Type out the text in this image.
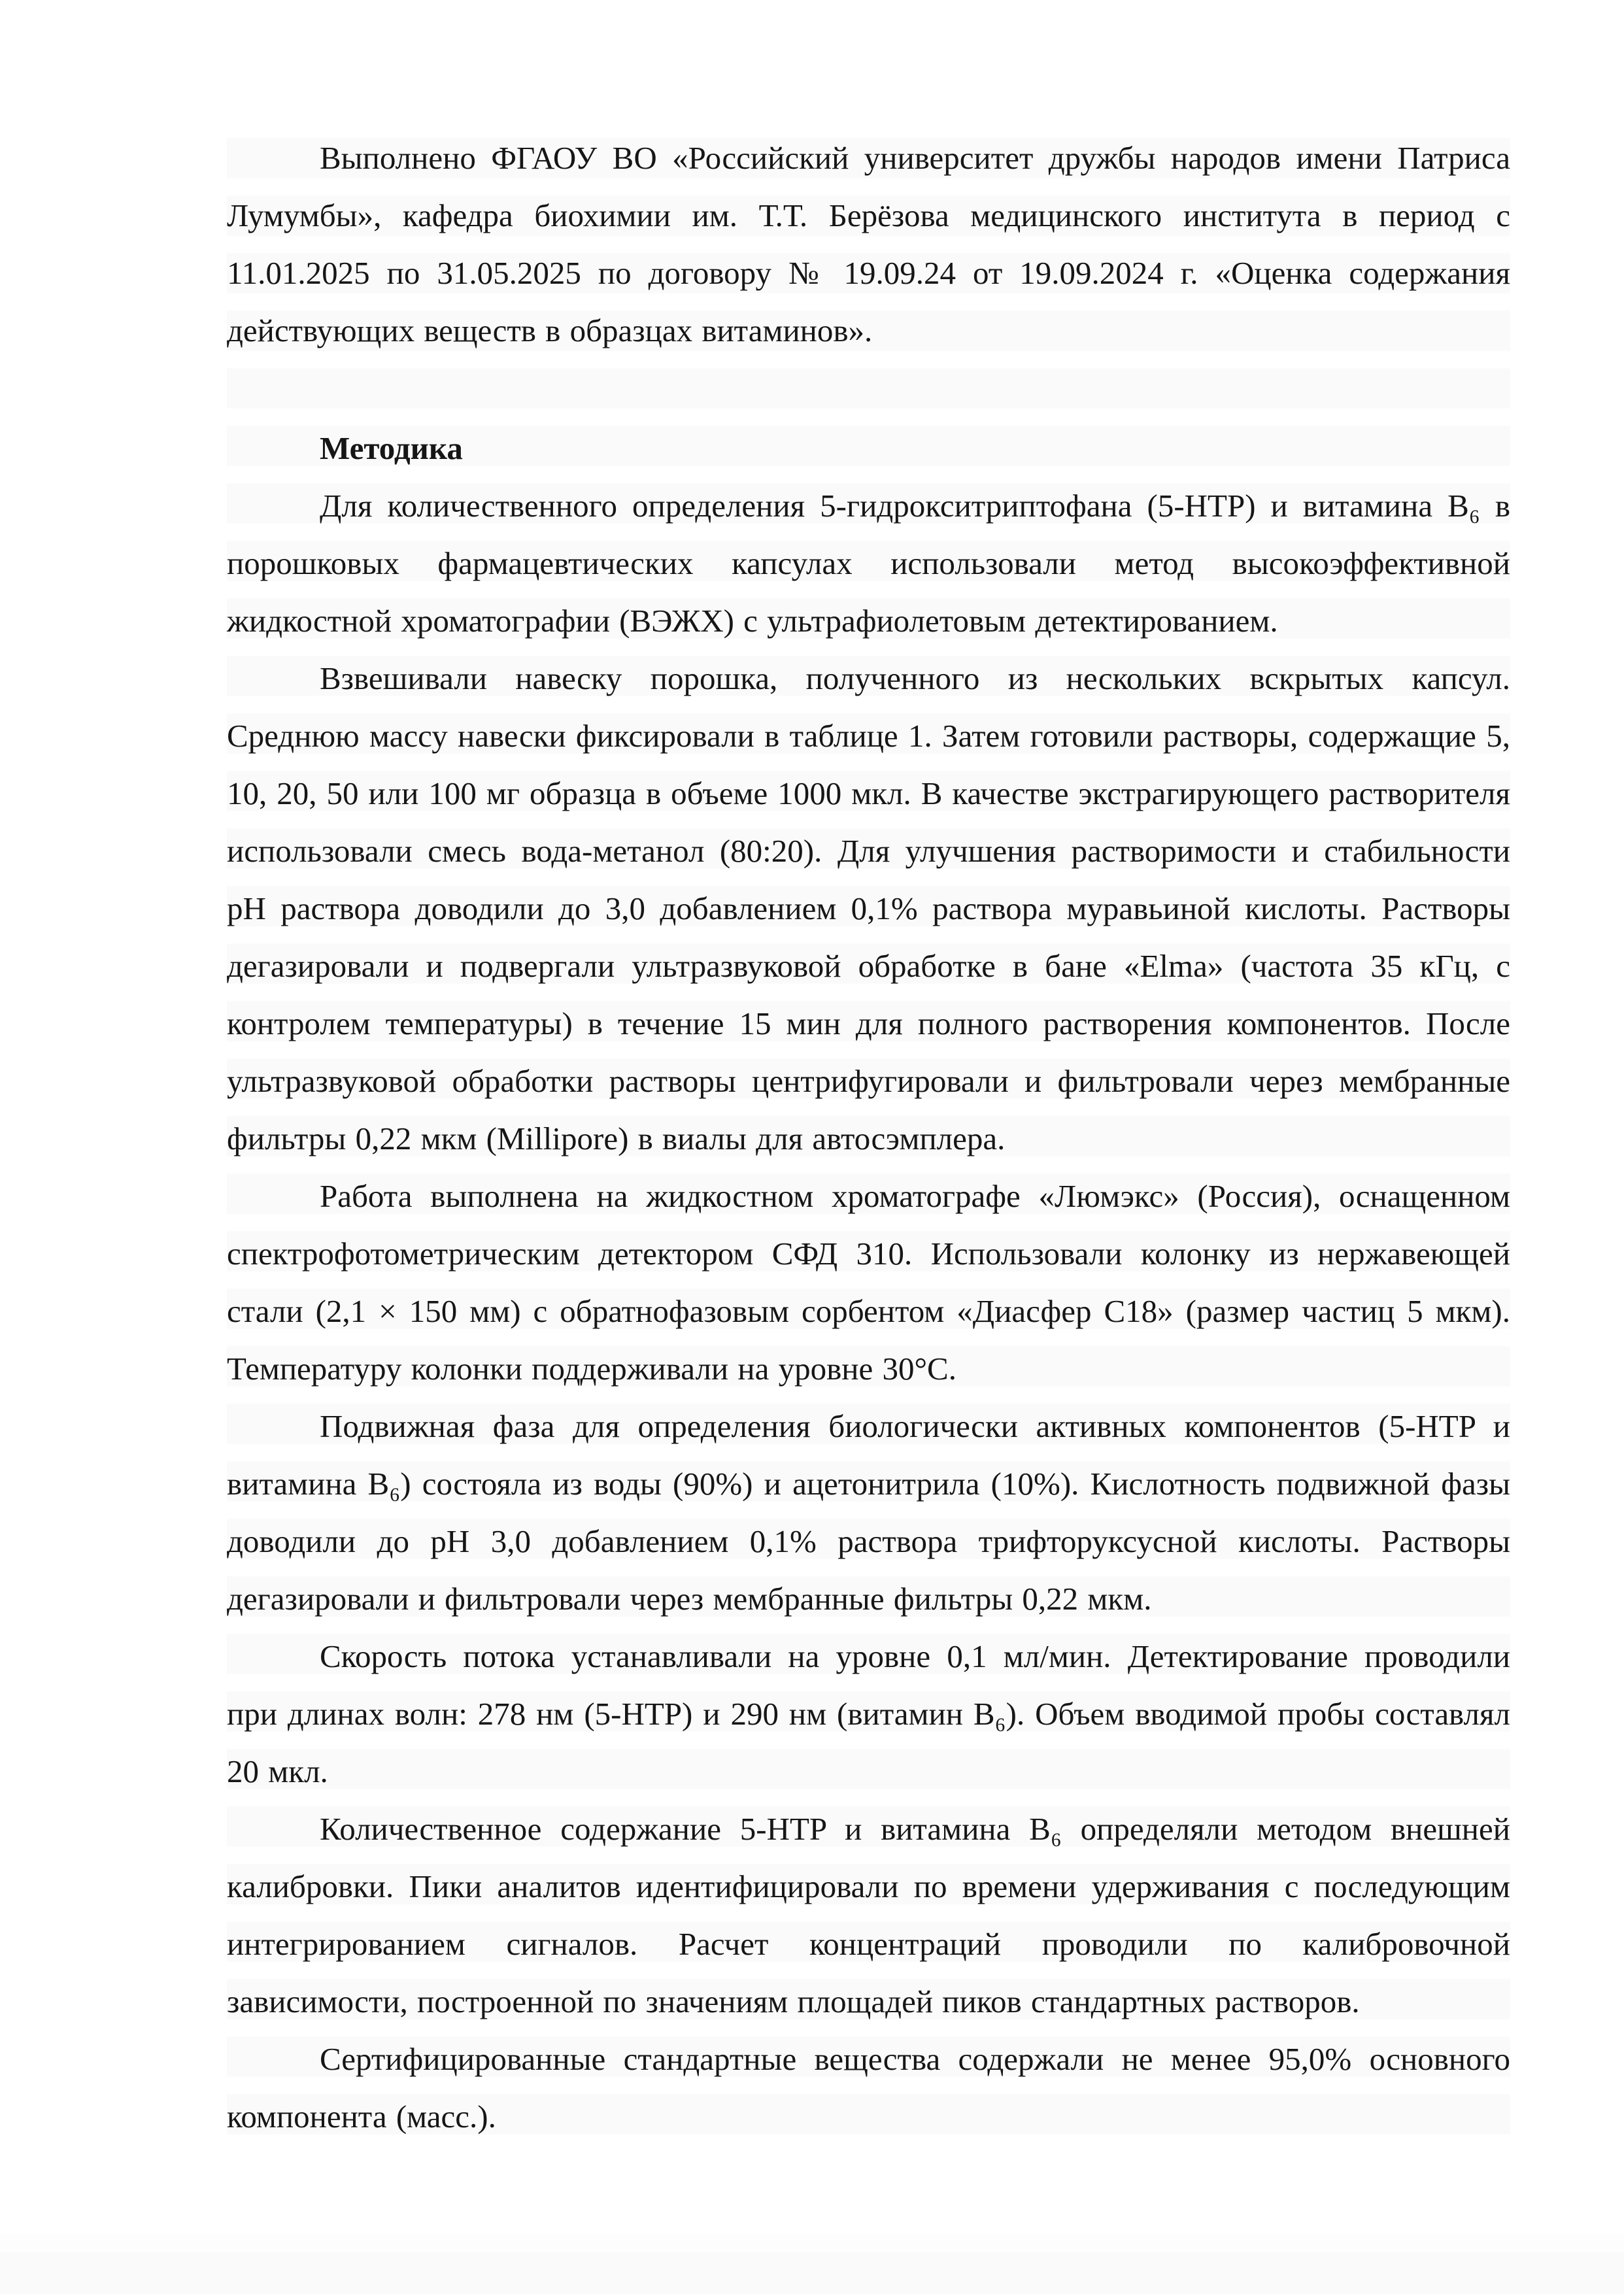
Выполнено ФГАОУ ВО «Российский университет дружбы народов имени Патриса Лумумбы», кафедра биохимии им. Т.Т. Берёзова медицинского института в период с 11.01.2025 по 31.05.2025 по договору № 19.09.24 от 19.09.2024 г. «Оценка содержания действующих веществ в образцах витаминов».

Методика

Для количественного определения 5-гидрокситриптофана (5-HTP) и витамина В₆ в порошковых фармацевтических капсулах использовали метод высокоэффективной жидкостной хроматографии (ВЭЖХ) с ультрафиолетовым детектированием.

Взвешивали навеску порошка, полученного из нескольких вскрытых капсул. Среднюю массу навески фиксировали в таблице 1. Затем готовили растворы, содержащие 5, 10, 20, 50 или 100 мг образца в объеме 1000 мкл. В качестве экстрагирующего растворителя использовали смесь вода-метанол (80:20). Для улучшения растворимости и стабильности pH раствора доводили до 3,0 добавлением 0,1% раствора муравьиной кислоты. Растворы дегазировали и подвергали ультразвуковой обработке в бане «Elma» (частота 35 кГц, с контролем температуры) в течение 15 мин для полного растворения компонентов. После ультразвуковой обработки растворы центрифугировали и фильтровали через мембранные фильтры 0,22 мкм (Millipore) в виалы для автосэмплера.

Работа выполнена на жидкостном хроматографе «Люмэкс» (Россия), оснащенном спектрофотометрическим детектором СФД 310. Использовали колонку из нержавеющей стали (2,1 × 150 мм) с обратнофазовым сорбентом «Диасфер C18» (размер частиц 5 мкм). Температуру колонки поддерживали на уровне 30°С.

Подвижная фаза для определения биологически активных компонентов (5-HTP и витамина В₆) состояла из воды (90%) и ацетонитрила (10%). Кислотность подвижной фазы доводили до pH 3,0 добавлением 0,1% раствора трифторуксусной кислоты. Растворы дегазировали и фильтровали через мембранные фильтры 0,22 мкм.

Скорость потока устанавливали на уровне 0,1 мл/мин. Детектирование проводили при длинах волн: 278 нм (5-HTP) и 290 нм (витамин В₆). Объем вводимой пробы составлял 20 мкл.

Количественное содержание 5-HTP и витамина В₆ определяли методом внешней калибровки. Пики аналитов идентифицировали по времени удерживания с последующим интегрированием сигналов. Расчет концентраций проводили по калибровочной зависимости, построенной по значениям площадей пиков стандартных растворов.

Сертифицированные стандартные вещества содержали не менее 95,0% основного компонента (масс.).
